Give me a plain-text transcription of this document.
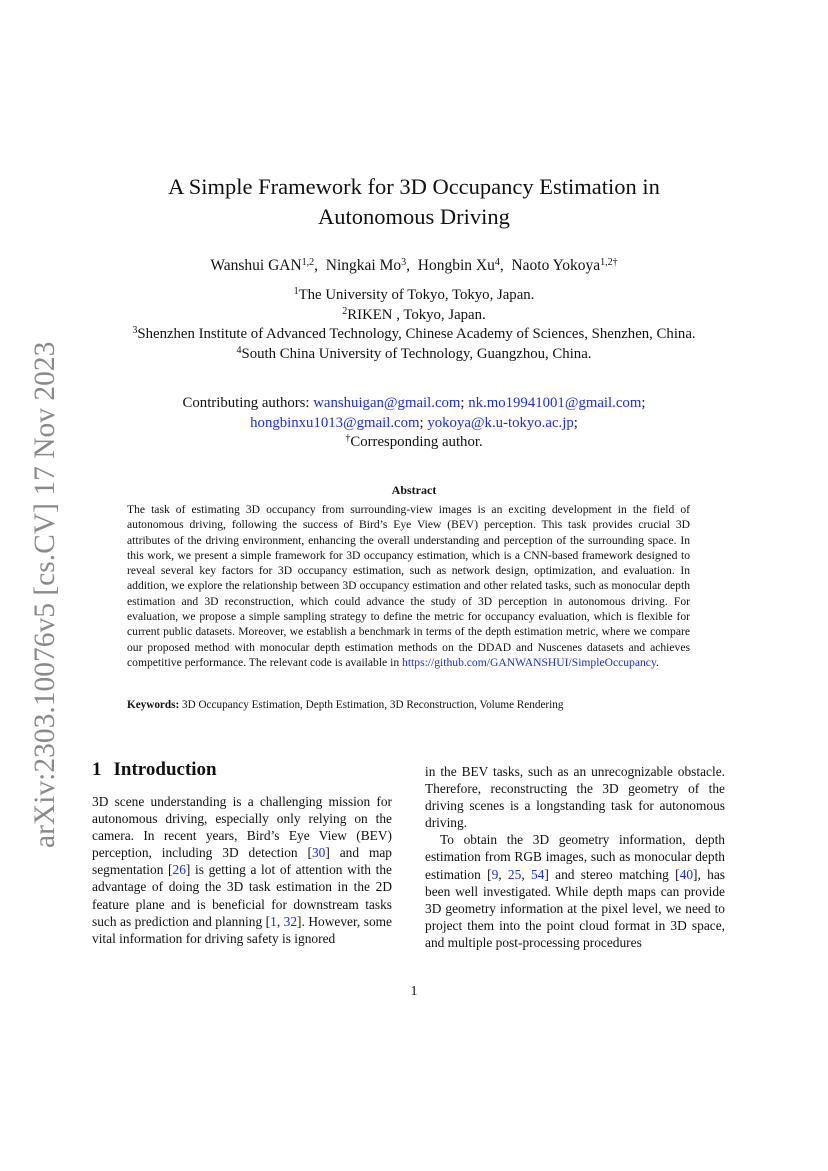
arXiv:2303.10076v5 [cs.CV] 17 Nov 2023
A Simple Framework for 3D Occupancy Estimation in
Autonomous Driving
Wanshui GAN$^{1,2}$,  Ningkai Mo$^3$,  Hongbin Xu$^4$,  Naoto Yokoya$^{1,2\dagger}$
$^1$The University of Tokyo, Tokyo, Japan.
$^2$RIKEN , Tokyo, Japan.
$^3$Shenzhen Institute of Advanced Technology, Chinese Academy of Sciences, Shenzhen, China.
$^4$South China University of Technology, Guangzhou, China.
Contributing authors: wanshuigan@gmail.com; nk.mo19941001@gmail.com;
hongbinxu1013@gmail.com; yokoya@k.u-tokyo.ac.jp;
†Corresponding author.
Abstract
The task of estimating 3D occupancy from surrounding-view images is an exciting development in the field of autonomous driving, following the success of Bird’s Eye View (BEV) perception. This task provides crucial 3D attributes of the driving environment, enhancing the overall understanding and perception of the surrounding space. In this work, we present a simple framework for 3D occupancy estimation, which is a CNN-based framework designed to reveal several key factors for 3D occupancy estimation, such as network design, optimization, and evaluation. In addition, we explore the relationship between 3D occupancy estimation and other related tasks, such as monocular depth estimation and 3D reconstruction, which could advance the study of 3D perception in autonomous driving. For evaluation, we propose a simple sampling strategy to define the metric for occupancy evaluation, which is flexible for current public datasets. Moreover, we establish a benchmark in terms of the depth estimation metric, where we compare our proposed method with monocular depth estimation methods on the DDAD and Nuscenes datasets and achieves competitive performance. The relevant code is available in https://github.com/GANWANSHUI/SimpleOccupancy.
Keywords: 3D Occupancy Estimation, Depth Estimation, 3D Reconstruction, Volume Rendering
1 Introduction

3D scene understanding is a challenging mission for autonomous driving, especially only relying on the camera. In recent years, Bird’s Eye View (BEV) perception, including 3D detection [30] and map segmentation [26] is getting a lot of attention with the advantage of doing the 3D task estimation in the 2D feature plane and is beneficial for downstream tasks such as prediction and planning [1, 32]. However, some vital information for driving safety is ignored

in the BEV tasks, such as an unrecognizable obstacle. Therefore, reconstructing the 3D geometry of the driving scenes is a longstanding task for autonomous driving.

To obtain the 3D geometry information, depth estimation from RGB images, such as monocular depth estimation [9, 25, 54] and stereo matching [40], has been well investigated. While depth maps can provide 3D geometry information at the pixel level, we need to project them into the point cloud format in 3D space, and multiple post-processing procedures

1
